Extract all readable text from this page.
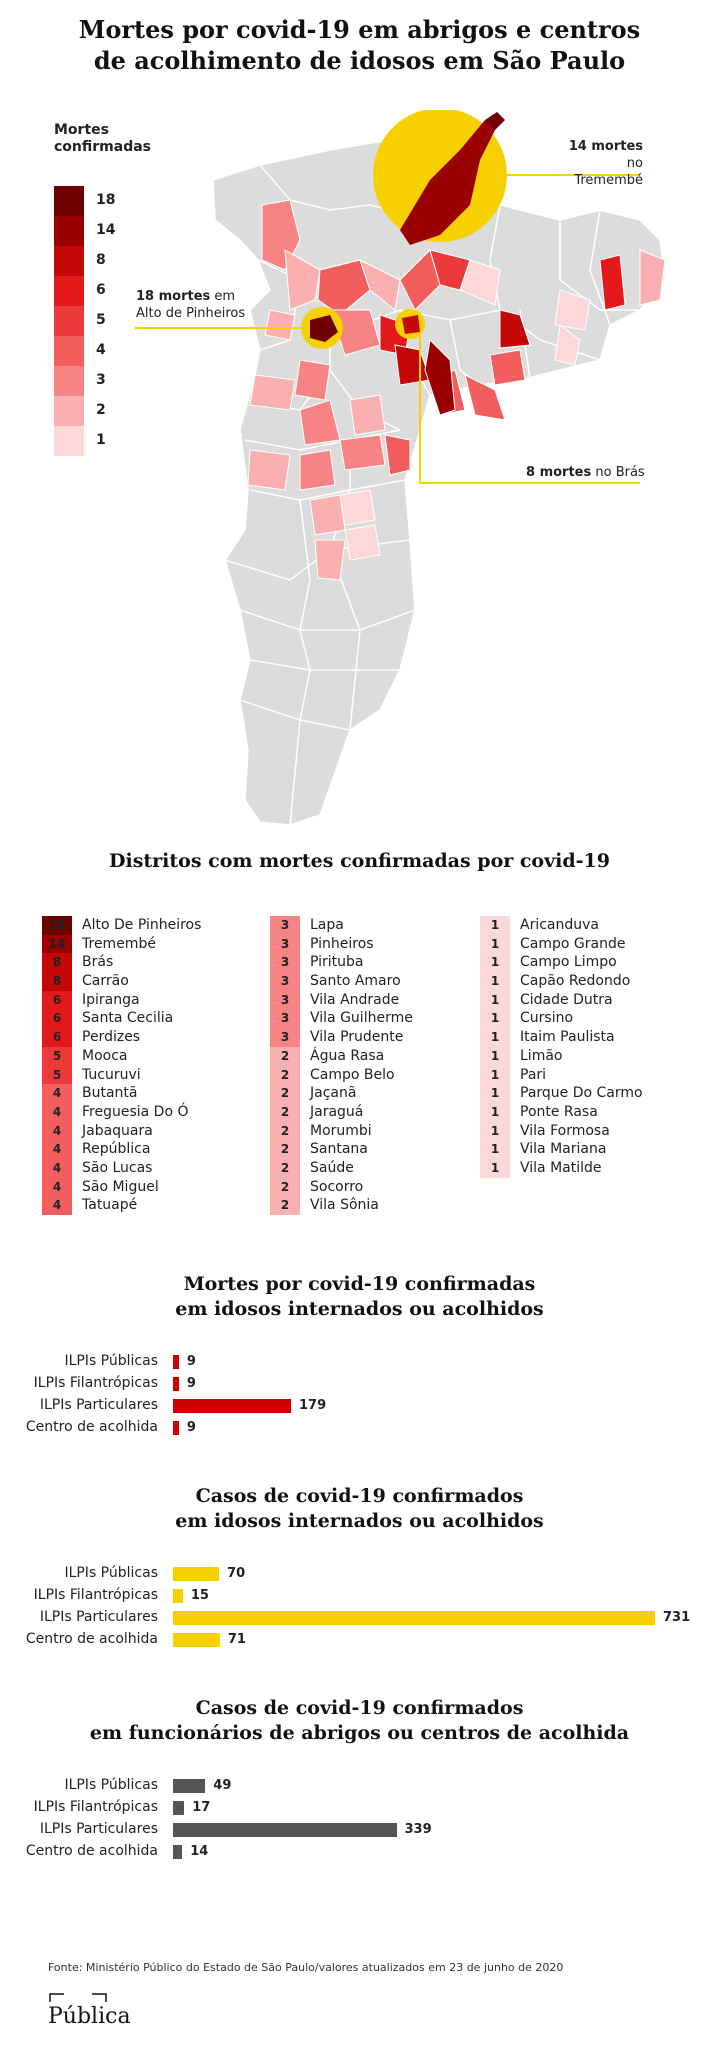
Mortes por covid-19 em abrigos e centros
de acolhimento de idosos em São Paulo
Mortes
confirmadas
18
14
8
6
5
4
3
2
1
14 mortes no
Tremembé
18 mortes em
Alto de Pinheiros
8 mortes no Brás
Distritos com mortes confirmadas por covid-19
18	Alto De Pinheiros
14	Tremembé
8	Brás
8	Carrão
6	Ipiranga
6	Santa Cecilia
6	Perdizes
5	Mooca
5	Tucuruvi
4	Butantã
4	Freguesia Do Ó
4	Jabaquara
4	República
4	São Lucas
4	São Miguel
4	Tatuapé
3	Lapa
3	Pinheiros
3	Pirituba
3	Santo Amaro
3	Vila Andrade
3	Vila Guilherme
3	Vila Prudente
2	Água Rasa
2	Campo Belo
2	Jaçanã
2	Jaraguá
2	Morumbi
2	Santana
2	Saúde
2	Socorro
2	Vila Sônia
1	Aricanduva
1	Campo Grande
1	Campo Limpo
1	Capão Redondo
1	Cidade Dutra
1	Cursino
1	Itaim Paulista
1	Limão
1	Pari
1	Parque Do Carmo
1	Ponte Rasa
1	Vila Formosa
1	Vila Mariana
1	Vila Matilde
Mortes por covid-19 confirmadas
em idosos internados ou acolhidos
ILPIs Públicas 9
ILPIs Filantrópicas 9
ILPIs Particulares	179
Centro de acolhida 9
Casos de covid-19 confirmados
em idosos internados ou acolhidos
ILPIs Públicas	70
ILPIs Filantrópicas	15
ILPIs Particulares	731
Centro de acolhida	71
Casos de covid-19 confirmados
em funcionários de abrigos ou centros de acolhida
ILPIs Públicas	49
ILPIs Filantrópicas	17
ILPIs Particulares	339
Centro de acolhida 14
Fonte: Ministério Público do Estado de São Paulo/valores atualizados em 23 de junho de 2020
Pública
